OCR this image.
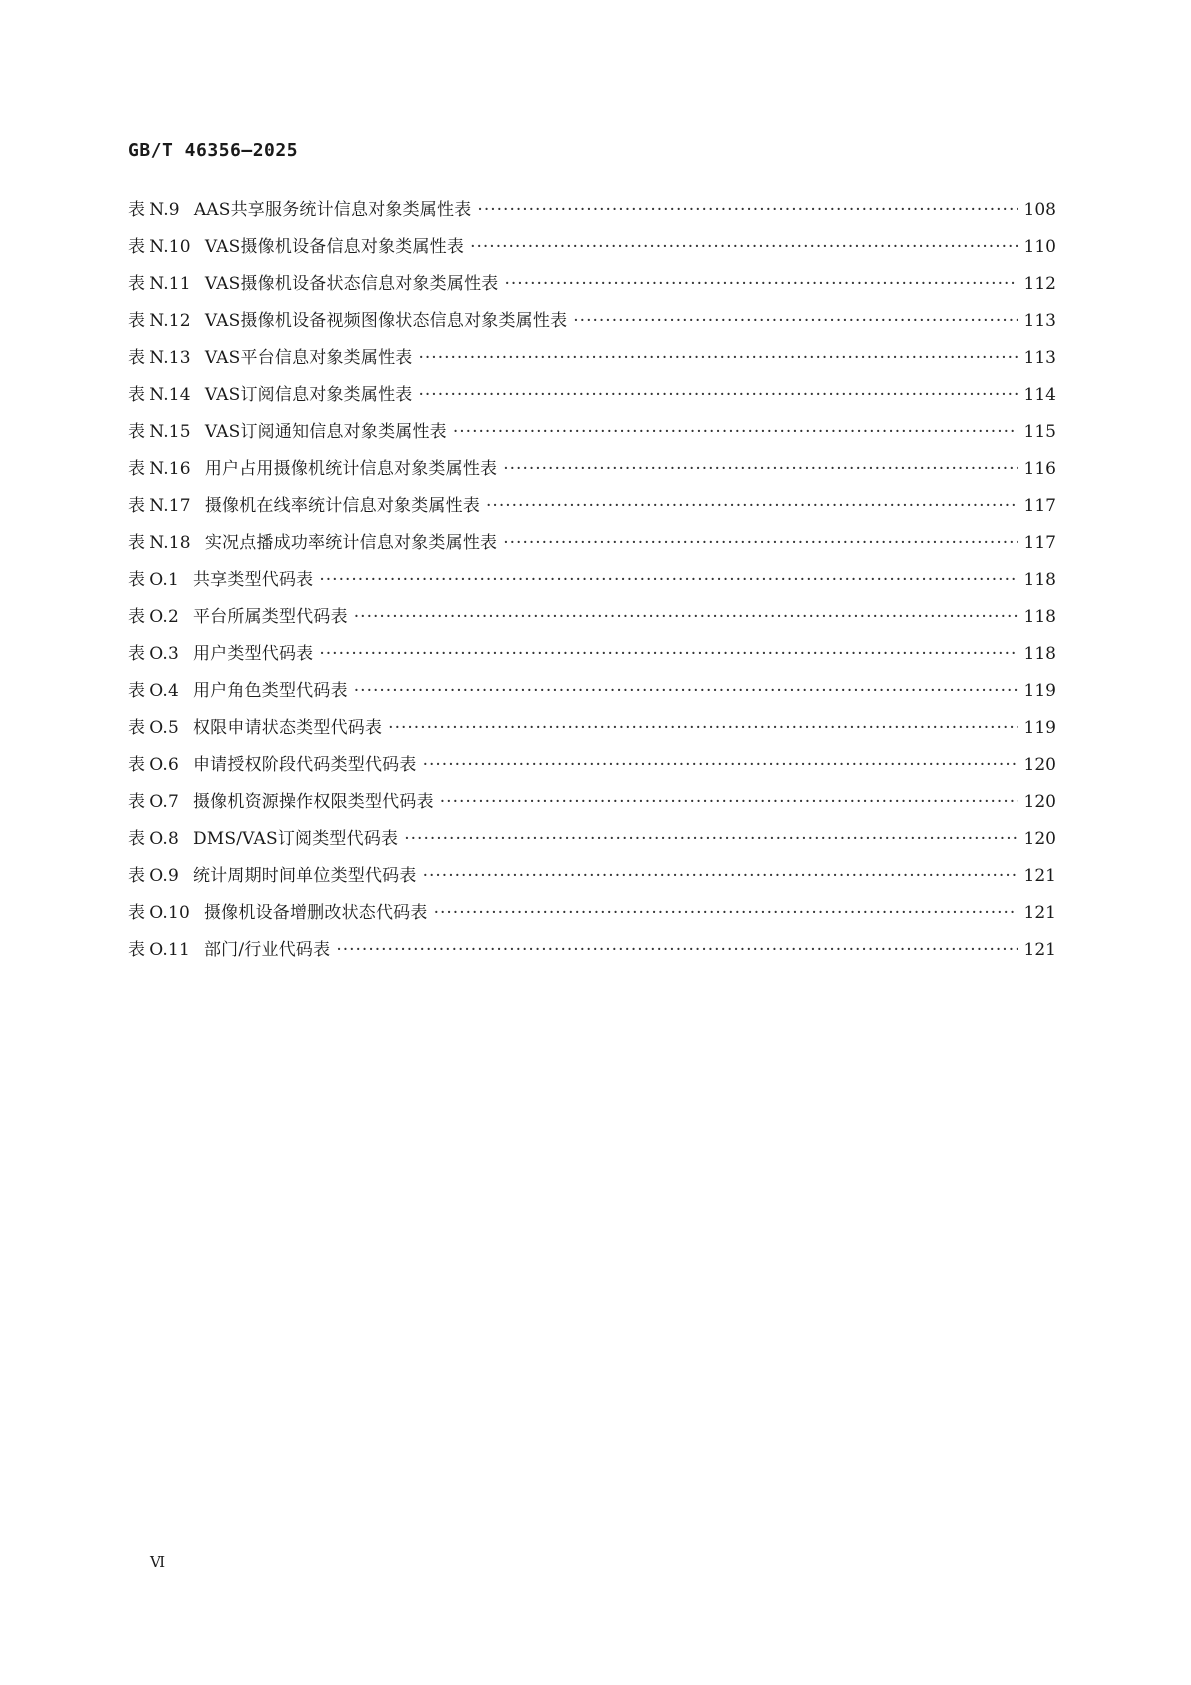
GB/T 46356—2025
表 N.9 AAS共享服务统计信息对象类属性表 ·····	108
表 N.10 VAS摄像机设备信息对象类属性表 ·····	110
表 N.11 VAS摄像机设备状态信息对象类属性表 ·····	112
表 N.12 VAS摄像机设备视频图像状态信息对象类属性表 ·····	113
表 N.13 VAS平台信息对象类属性表 ·····	113
表 N.14 VAS订阅信息对象类属性表 ·····	114
表 N.15 VAS订阅通知信息对象类属性表 ·····	115
表 N.16 用户占用摄像机统计信息对象类属性表 ·····	116
表 N.17 摄像机在线率统计信息对象类属性表 ·····	117
表 N.18 实况点播成功率统计信息对象类属性表 ·····	117
表 O.1 共享类型代码表 ·····	118
表 O.2 平台所属类型代码表 ·····	118
表 O.3 用户类型代码表 ·····	118
表 O.4 用户角色类型代码表 ·····	119
表 O.5 权限申请状态类型代码表 ·····	119
表 O.6 申请授权阶段代码类型代码表 ·····	120
表 O.7 摄像机资源操作权限类型代码表 ·····	120
表 O.8 DMS/VAS订阅类型代码表 ·····	120
表 O.9 统计周期时间单位类型代码表 ·····	121
表 O.10 摄像机设备增删改状态代码表 ·····	121
表 O.11 部门/行业代码表 ·····	121
Ⅵ
